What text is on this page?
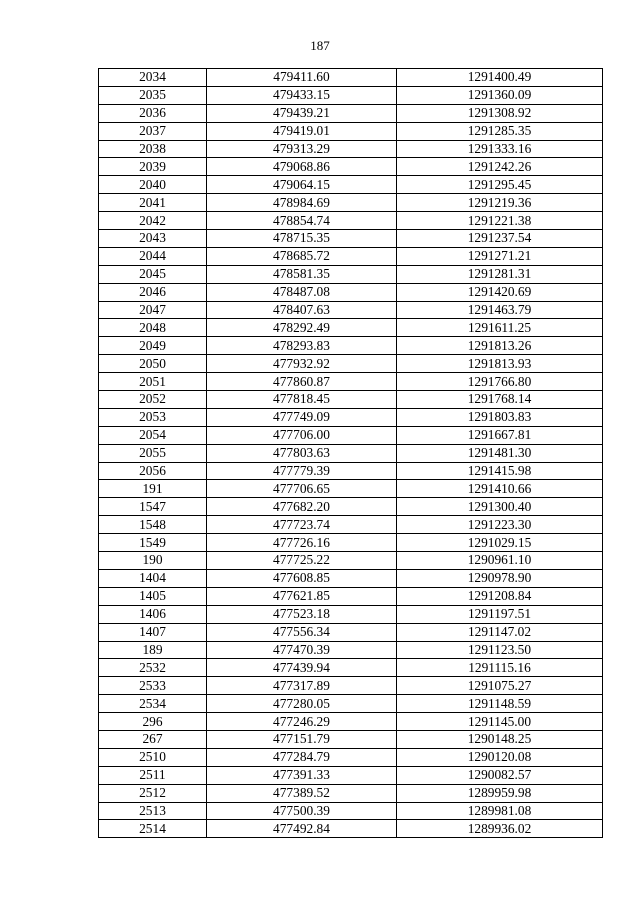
187
2034	479411.60	1291400.49
2035	479433.15	1291360.09
2036	479439.21	1291308.92
2037	479419.01	1291285.35
2038	479313.29	1291333.16
2039	479068.86	1291242.26
2040	479064.15	1291295.45
2041	478984.69	1291219.36
2042	478854.74	1291221.38
2043	478715.35	1291237.54
2044	478685.72	1291271.21
2045	478581.35	1291281.31
2046	478487.08	1291420.69
2047	478407.63	1291463.79
2048	478292.49	1291611.25
2049	478293.83	1291813.26
2050	477932.92	1291813.93
2051	477860.87	1291766.80
2052	477818.45	1291768.14
2053	477749.09	1291803.83
2054	477706.00	1291667.81
2055	477803.63	1291481.30
2056	477779.39	1291415.98
191	477706.65	1291410.66
1547	477682.20	1291300.40
1548	477723.74	1291223.30
1549	477726.16	1291029.15
190	477725.22	1290961.10
1404	477608.85	1290978.90
1405	477621.85	1291208.84
1406	477523.18	1291197.51
1407	477556.34	1291147.02
189	477470.39	1291123.50
2532	477439.94	1291115.16
2533	477317.89	1291075.27
2534	477280.05	1291148.59
296	477246.29	1291145.00
267	477151.79	1290148.25
2510	477284.79	1290120.08
2511	477391.33	1290082.57
2512	477389.52	1289959.98
2513	477500.39	1289981.08
2514	477492.84	1289936.02
